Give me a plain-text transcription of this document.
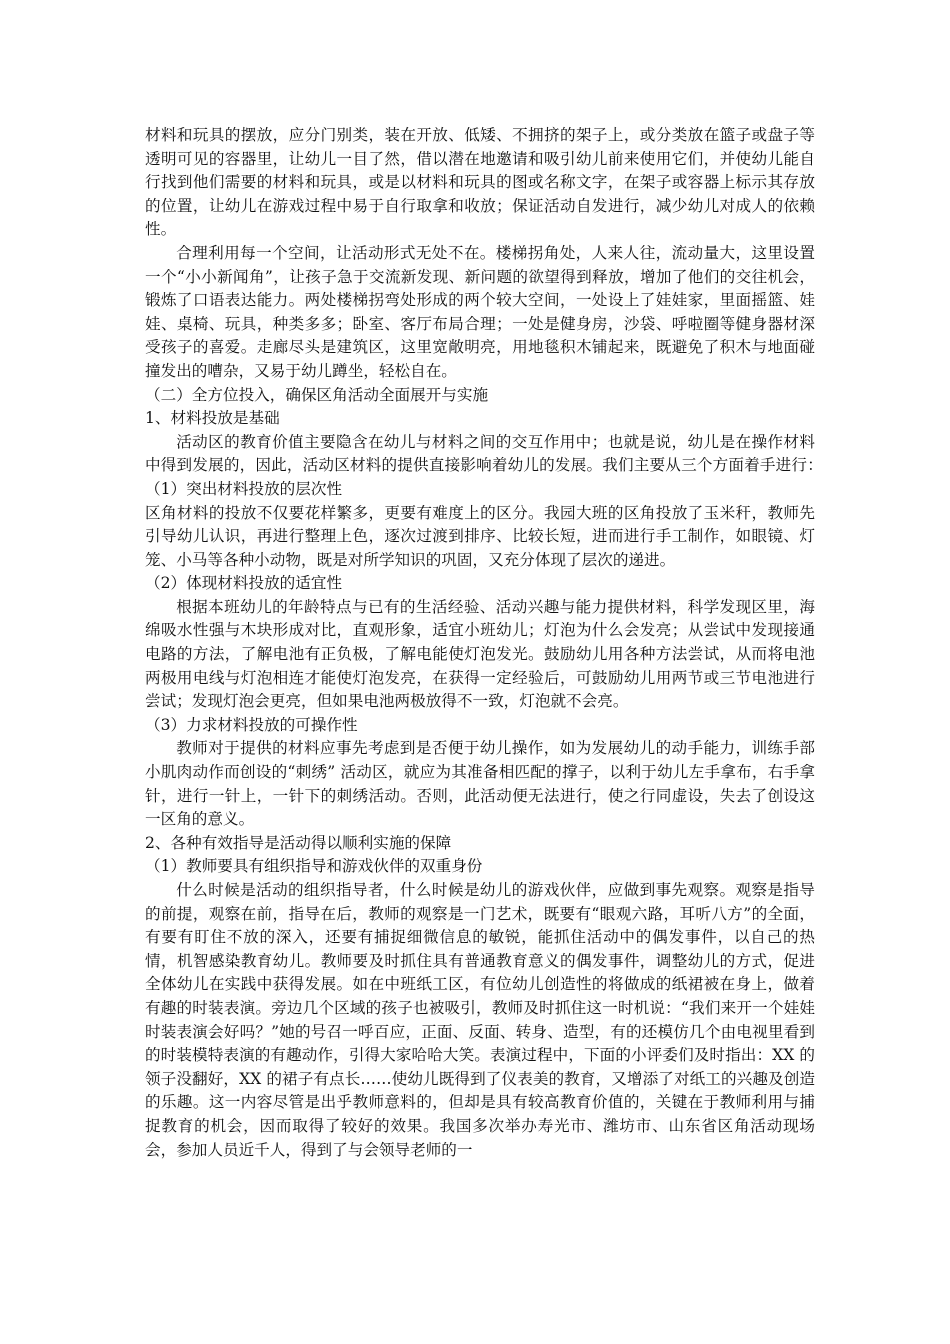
材料和玩具的摆放，应分门别类，装在开放、低矮、不拥挤的架子上，或分类放在篮子或盘子等透明可见的容器里，让幼儿一目了然，借以潜在地邀请和吸引幼儿前来使用它们，并使幼儿能自行找到他们需要的材料和玩具，或是以材料和玩具的图或名称文字，在架子或容器上标示其存放的位置，让幼儿在游戏过程中易于自行取拿和收放；保证活动自发进行，减少幼儿对成人的依赖性。

合理利用每一个空间，让活动形式无处不在。楼梯拐角处，人来人往，流动量大，这里设置一个“小小新闻角”，让孩子急于交流新发现、新问题的欲望得到释放，增加了他们的交往机会，锻炼了口语表达能力。两处楼梯拐弯处形成的两个较大空间，一处设上了娃娃家，里面摇篮、娃娃、桌椅、玩具，种类多多；卧室、客厅布局合理；一处是健身房，沙袋、呼啦圈等健身器材深受孩子的喜爱。走廊尽头是建筑区，这里宽敞明亮，用地毯积木铺起来，既避免了积木与地面碰撞发出的嘈杂，又易于幼儿蹲坐，轻松自在。

（二）全方位投入，确保区角活动全面展开与实施

1、材料投放是基础

活动区的教育价值主要隐含在幼儿与材料之间的交互作用中；也就是说，幼儿是在操作材料中得到发展的，因此，活动区材料的提供直接影响着幼儿的发展。我们主要从三个方面着手进行：　（1）突出材料投放的层次性

区角材料的投放不仅要花样繁多，更要有难度上的区分。我园大班的区角投放了玉米秆，教师先引导幼儿认识，再进行整理上色，逐次过渡到排序、比较长短，进而进行手工制作，如眼镜、灯笼、小马等各种小动物，既是对所学知识的巩固，又充分体现了层次的递进。

（2）体现材料投放的适宜性

根据本班幼儿的年龄特点与已有的生活经验、活动兴趣与能力提供材料，科学发现区里，海绵吸水性强与木块形成对比，直观形象，适宜小班幼儿；灯泡为什么会发亮；从尝试中发现接通电路的方法，了解电池有正负极，了解电能使灯泡发光。鼓励幼儿用各种方法尝试，从而将电池两极用电线与灯泡相连才能使灯泡发亮，在获得一定经验后，可鼓励幼儿用两节或三节电池进行尝试；发现灯泡会更亮，但如果电池两极放得不一致，灯泡就不会亮。

（3）力求材料投放的可操作性

教师对于提供的材料应事先考虑到是否便于幼儿操作，如为发展幼儿的动手能力，训练手部小肌肉动作而创设的“刺绣” 活动区，就应为其准备相匹配的撑子，以利于幼儿左手拿布，右手拿针，进行一针上，一针下的刺绣活动。否则，此活动便无法进行，使之行同虚设，失去了创设这一区角的意义。

2、各种有效指导是活动得以顺利实施的保障

（1）教师要具有组织指导和游戏伙伴的双重身份

什么时候是活动的组织指导者，什么时候是幼儿的游戏伙伴，应做到事先观察。观察是指导的前提，观察在前，指导在后，教师的观察是一门艺术，既要有“眼观六路，耳听八方”的全面，有要有盯住不放的深入，还要有捕捉细微信息的敏锐，能抓住活动中的偶发事件，以自己的热情，机智感染教育幼儿。教师要及时抓住具有普通教育意义的偶发事件，调整幼儿的方式，促进全体幼儿在实践中获得发展。如在中班纸工区，有位幼儿创造性的将做成的纸裙被在身上，做着有趣的时装表演。旁边几个区域的孩子也被吸引，教师及时抓住这一时机说：“我们来开一个娃娃时装表演会好吗？”她的号召一呼百应，正面、反面、转身、造型，有的还模仿几个由电视里看到的时装模特表演的有趣动作，引得大家哈哈大笑。表演过程中，下面的小评委们及时指出：XX 的领子没翻好，XX 的裙子有点长……使幼儿既得到了仪表美的教育，又增添了对纸工的兴趣及创造的乐趣。这一内容尽管是出乎教师意料的，但却是具有较高教育价值的，关键在于教师利用与捕捉教育的机会，因而取得了较好的效果。我国多次举办寿光市、潍坊市、山东省区角活动现场会，参加人员近千人，得到了与会领导老师的一
